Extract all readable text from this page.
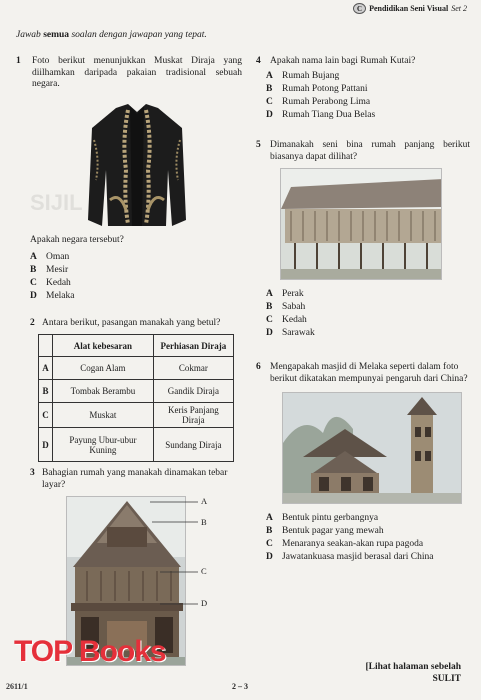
SIJIL
C Pendidikan Seni Visual Set 2
Jawab semua soalan dengan jawapan yang tepat.
1	Foto berikut menunjukkan Muskat Diraja yang diilhamkan daripada pakaian tradisional sebuah negara.
Apakah negara tersebut?
A Oman
B Mesir
C Kedah
D Melaka
2 Antara berikut, pasangan manakah yang betul?
	Alat kebesaran	Perhiasan Diraja
A	Cogan Alam	Cokmar
B	Tombak Berambu	Gandik Diraja
C	Muskat	Keris Panjang Diraja
D	Payung Ubur-ubur Kuning	Sundang Diraja
3 Bahagian rumah yang manakah dinamakan tebar layar?
A
B
C
D
4 Apakah nama lain bagi Rumah Kutai?
A Rumah Bujang
B Rumah Potong Pattani
C Rumah Perabong Lima
D Rumah Tiang Dua Belas
5 Dimanakah seni bina rumah panjang berikut biasanya dapat dilihat?
A Perak
B Sabah
C Kedah
D Sarawak
6 Mengapakah masjid di Melaka seperti dalam foto berikut dikatakan mempunyai pengaruh dari China?
A Bentuk pintu gerbangnya
B Bentuk pagar yang mewah
C Menaranya seakan-akan rupa pagoda
D Jawatankuasa masjid berasal dari China
[Lihat halaman sebelah
SULIT
2 – 3
2611/1
TOP Books
